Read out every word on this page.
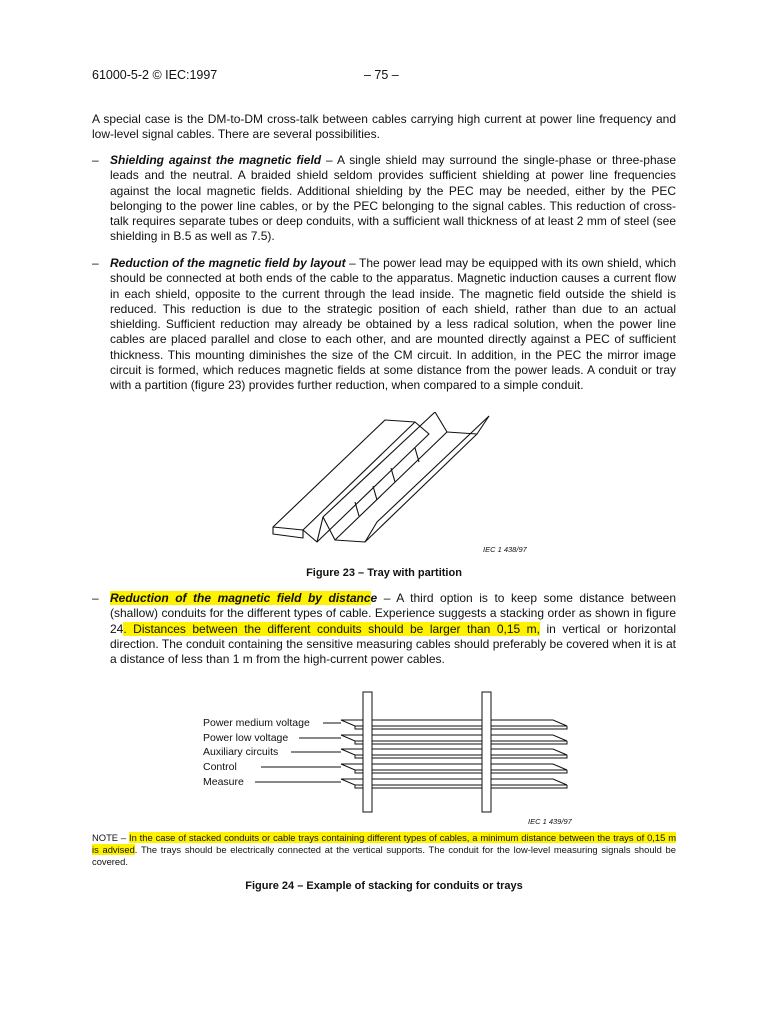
61000-5-2 © IEC:1997	– 75 –
A special case is the DM-to-DM cross-talk between cables carrying high current at power line frequency and low-level signal cables. There are several possibilities.
– Shielding against the magnetic field – A single shield may surround the single-phase or three-phase leads and the neutral. A braided shield seldom provides sufficient shielding at power line frequencies against the local magnetic fields. Additional shielding by the PEC may be needed, either by the PEC belonging to the power line cables, or by the PEC belonging to the signal cables. This reduction of cross-talk requires separate tubes or deep conduits, with a sufficient wall thickness of at least 2 mm of steel (see shielding in B.5 as well as 7.5).
– Reduction of the magnetic field by layout – The power lead may be equipped with its own shield, which should be connected at both ends of the cable to the apparatus. Magnetic induction causes a current flow in each shield, opposite to the current through the lead inside. The magnetic field outside the shield is reduced. This reduction is due to the strategic position of each shield, rather than due to an actual shielding. Sufficient reduction may already be obtained by a less radical solution, when the power line cables are placed parallel and close to each other, and are mounted directly against a PEC of sufficient thickness. This mounting diminishes the size of the CM circuit. In addition, in the PEC the mirror image circuit is formed, which reduces magnetic fields at some distance from the power leads. A conduit or tray with a partition (figure 23) provides further reduction, when compared to a simple conduit.
IEC 1 438/97
Figure 23 – Tray with partition
– Reduction of the magnetic field by distance – A third option is to keep some distance between (shallow) conduits for the different types of cable. Experience suggests a stacking order as shown in figure 24. Distances between the different conduits should be larger than 0,15 m, in vertical or horizontal direction. The conduit containing the sensitive measuring cables should preferably be covered when it is at a distance of less than 1 m from the high-current power cables.
Power medium voltage
Power low voltage
Auxiliary circuits
Control
Measure
IEC 1 439/97
NOTE – In the case of stacked conduits or cable trays containing different types of cables, a minimum distance between the trays of 0,15 m is advised. The trays should be electrically connected at the vertical supports. The conduit for the low-level measuring signals should be covered.
Figure 24 – Example of stacking for conduits or trays
